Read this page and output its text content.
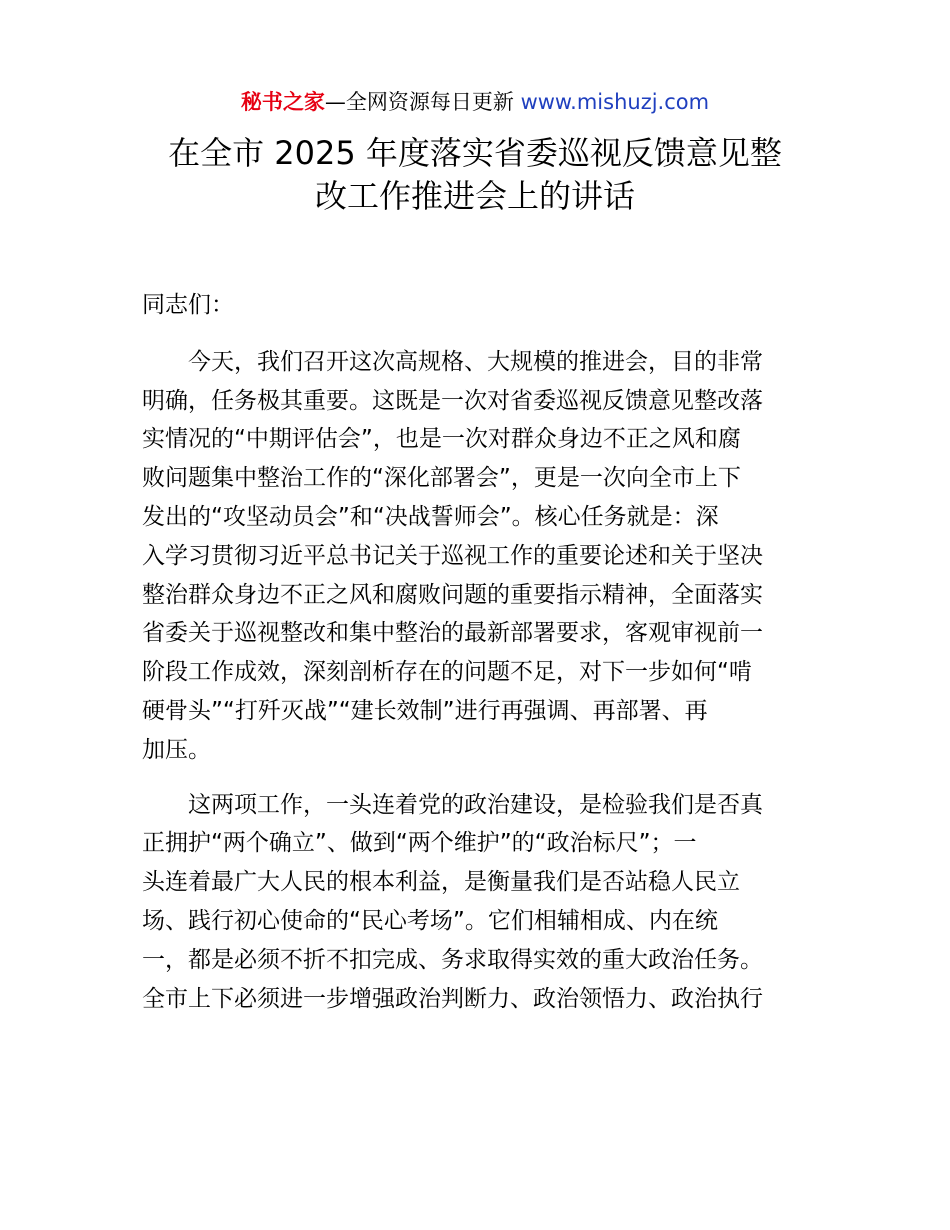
秘书之家—全网资源每日更新 www.mishuzj.com
在全市 2025 年度落实省委巡视反馈意见整
改工作推进会上的讲话

同志们：

今天，我们召开这次高规格、大规模的推进会，目的非常
明确，任务极其重要。这既是一次对省委巡视反馈意见整改落
实情况的“中期评估会”，也是一次对群众身边不正之风和腐
败问题集中整治工作的“深化部署会”，更是一次向全市上下
发出的“攻坚动员会”和“决战誓师会”。核心任务就是：深
入学习贯彻习近平总书记关于巡视工作的重要论述和关于坚决
整治群众身边不正之风和腐败问题的重要指示精神，全面落实
省委关于巡视整改和集中整治的最新部署要求，客观审视前一
阶段工作成效，深刻剖析存在的问题不足，对下一步如何“啃
硬骨头”“打歼灭战”“建长效制”进行再强调、再部署、再
加压。

这两项工作，一头连着党的政治建设，是检验我们是否真
正拥护“两个确立”、做到“两个维护”的“政治标尺”；一
头连着最广大人民的根本利益，是衡量我们是否站稳人民立
场、践行初心使命的“民心考场”。它们相辅相成、内在统
一，都是必须不折不扣完成、务求取得实效的重大政治任务。
全市上下必须进一步增强政治判断力、政治领悟力、政治执行
